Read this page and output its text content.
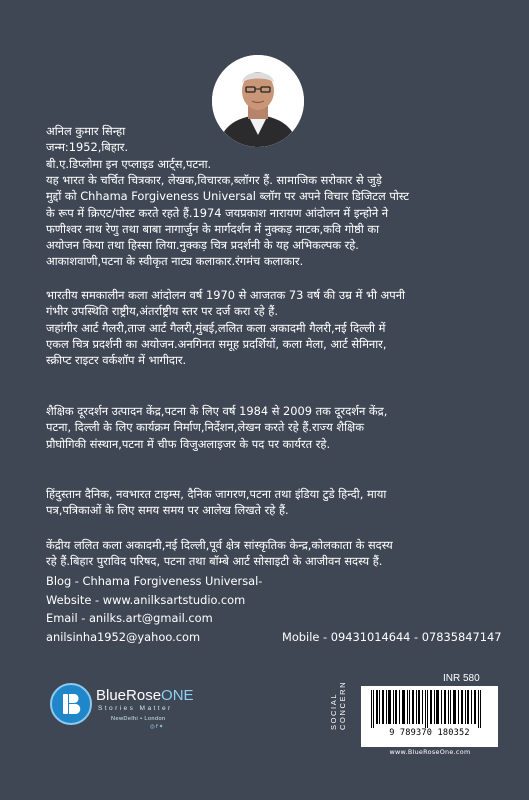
अनिल कुमार सिन्हा
जन्म:1952,बिहार.
बी.ए.डिप्लोमा इन एप्लाइड आर्ट्स,पटना.
यह भारत के चर्चित चित्रकार, लेखक,विचारक,ब्लॉगर हैं. सामाजिक सरोकार से जुड़े
मुद्दों को Chhama Forgiveness Universal ब्लॉग पर अपने विचार डिजिटल पोस्ट
के रूप में क्रिएट/पोस्ट करते रहते हैं.1974 जयप्रकाश नारायण आंदोलन में इन्होने ने
फणीश्वर नाथ रेणु तथा बाबा नागार्जुन के मार्गदर्शन में नुक्कड़ नाटक,कवि गोष्ठी का
अयोजन किया तथा हिस्सा लिया.नुक्कड़ चित्र प्रदर्शनी के यह अभिकल्पक रहे.
आकाशवाणी,पटना के स्वीकृत नाट्य कलाकार.रंगमंच कलाकार.
भारतीय समकालीन कला आंदोलन वर्ष 1970 से आजतक 73 वर्ष की उम्र में भी अपनी
गंभीर उपस्थिति राष्ट्रीय,अंतर्राष्ट्रीय स्तर पर दर्ज करा रहे हैं.
जहांगीर आर्ट गैलरी,ताज आर्ट गैलरी,मुंबई,ललित कला अकादमी गैलरी,नई दिल्ली में
एकल चित्र प्रदर्शनी का अयोजन.अनगिनत समूह प्रदर्शियों, कला मेला, आर्ट सेमिनार,
स्क्रीप्ट राइटर वर्कशॉप में भागीदार.
शैक्षिक दूरदर्शन उत्पादन केंद्र,पटना के लिए वर्ष 1984 से 2009 तक दूरदर्शन केंद्र,
पटना, दिल्ली के लिए कार्यक्रम निर्माण,निर्देशन,लेखन करते रहे हैं.राज्य शैक्षिक
प्रौघोगिकी संस्थान,पटना में चीफ विजुअलाइजर के पद पर कार्यरत रहे.
हिंदुस्तान दैनिक, नवभारत टाइम्स, दैनिक जागरण,पटना तथा इंडिया टुडे हिन्दी, माया
पत्र,पत्रिकाओं के लिए समय समय पर आलेख लिखते रहे हैं.
केंद्रीय ललित कला अकादमी,नई दिल्ली,पूर्व क्षेत्र सांस्कृतिक केन्द्र,कोलकाता के सदस्य
रहे हैं.बिहार पुराविद परिषद, पटना तथा बॉम्बे आर्ट सोसाइटी के आजीवन सदस्य हैं.
Blog - Chhama Forgiveness Universal-
Website - www.anilksartstudio.com
Email - anilks.art@gmail.com
anilsinha1952@yahoo.com	Mobile - 09431014644 - 07835847147
BlueRoseONE
Stories Matter
NewDelhi • London
◎f✦	SOCIAL CONCERN
INR 580
9 789370 180352
www.BlueRoseOne.com
